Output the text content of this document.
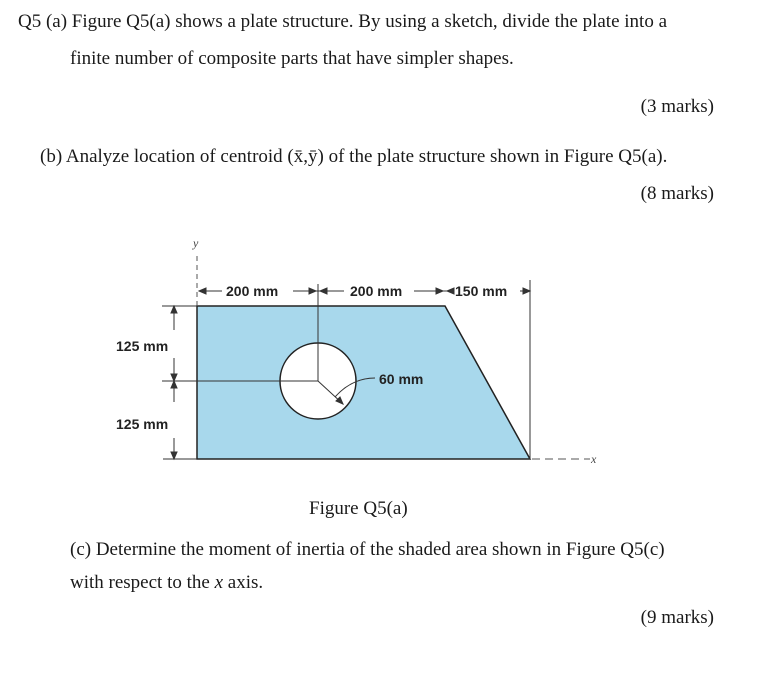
Q5 (a) Figure Q5(a) shows a plate structure. By using a sketch, divide the plate into a
finite number of composite parts that have simpler shapes.
(3 marks)
(b) Analyze location of centroid (x̄,ȳ) of the plate structure shown in Figure Q5(a).
(8 marks)
y
x
200 mm	200 mm	150 mm
60 mm
125 mm
125 mm
Figure Q5(a)
(c) Determine the moment of inertia of the shaded area shown in Figure Q5(c)
with respect to the x axis.
(9 marks)
